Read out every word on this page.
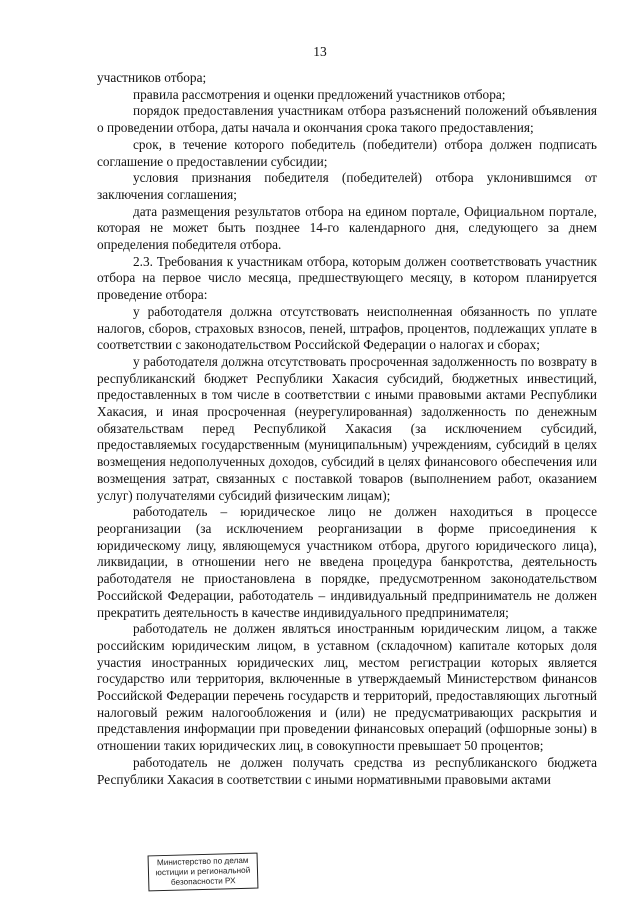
13

участников отбора;

правила рассмотрения и оценки предложений участников отбора;

порядок предоставления участникам отбора разъяснений положений объявления о проведении отбора, даты начала и окончания срока такого предоставления;

срок, в течение которого победитель (победители) отбора должен подписать соглашение о предоставлении субсидии;

условия признания победителя (победителей) отбора уклонившимся от заключения соглашения;

дата размещения результатов отбора на едином портале, Официальном портале, которая не может быть позднее 14-го календарного дня, следующего за днем определения победителя отбора.

2.3. Требования к участникам отбора, которым должен соответствовать участник отбора на первое число месяца, предшествующего месяцу, в котором планируется проведение отбора:

у работодателя должна отсутствовать неисполненная обязанность по уплате налогов, сборов, страховых взносов, пеней, штрафов, процентов, подлежащих уплате в соответствии с законодательством Российской Федерации о налогах и сборах;

у работодателя должна отсутствовать просроченная задолженность по возврату в республиканский бюджет Республики Хакасия субсидий, бюджетных инвестиций, предоставленных в том числе в соответствии с иными правовыми актами Республики Хакасия, и иная просроченная (неурегулированная) задолженность по денежным обязательствам перед Республикой Хакасия (за исключением субсидий, предоставляемых государственным (муниципальным) учреждениям, субсидий в целях возмещения недополученных доходов, субсидий в целях финансового обеспечения или возмещения затрат, связанных с поставкой товаров (выполнением работ, оказанием услуг) получателями субсидий физическим лицам);

работодатель – юридическое лицо не должен находиться в процессе реорганизации (за исключением реорганизации в форме присоединения к юридическому лицу, являющемуся участником отбора, другого юридического лица), ликвидации, в отношении него не введена процедура банкротства, деятельность работодателя не приостановлена в порядке, предусмотренном законодательством Российской Федерации, работодатель – индивидуальный предприниматель не должен прекратить деятельность в качестве индивидуального предпринимателя;

работодатель не должен являться иностранным юридическим лицом, а также российским юридическим лицом, в уставном (складочном) капитале которых доля участия иностранных юридических лиц, местом регистрации которых является государство или территория, включенные в утверждаемый Министерством финансов Российской Федерации перечень государств и территорий, предоставляющих льготный налоговый режим налогообложения и (или) не предусматривающих раскрытия и представления информации при проведении финансовых операций (офшорные зоны) в отношении таких юридических лиц, в совокупности превышает 50 процентов;

работодатель не должен получать средства из республиканского бюджета Республики Хакасия в соответствии с иными нормативными правовыми актами

Министерство по делам
юстиции и региональной
безопасности РХ
